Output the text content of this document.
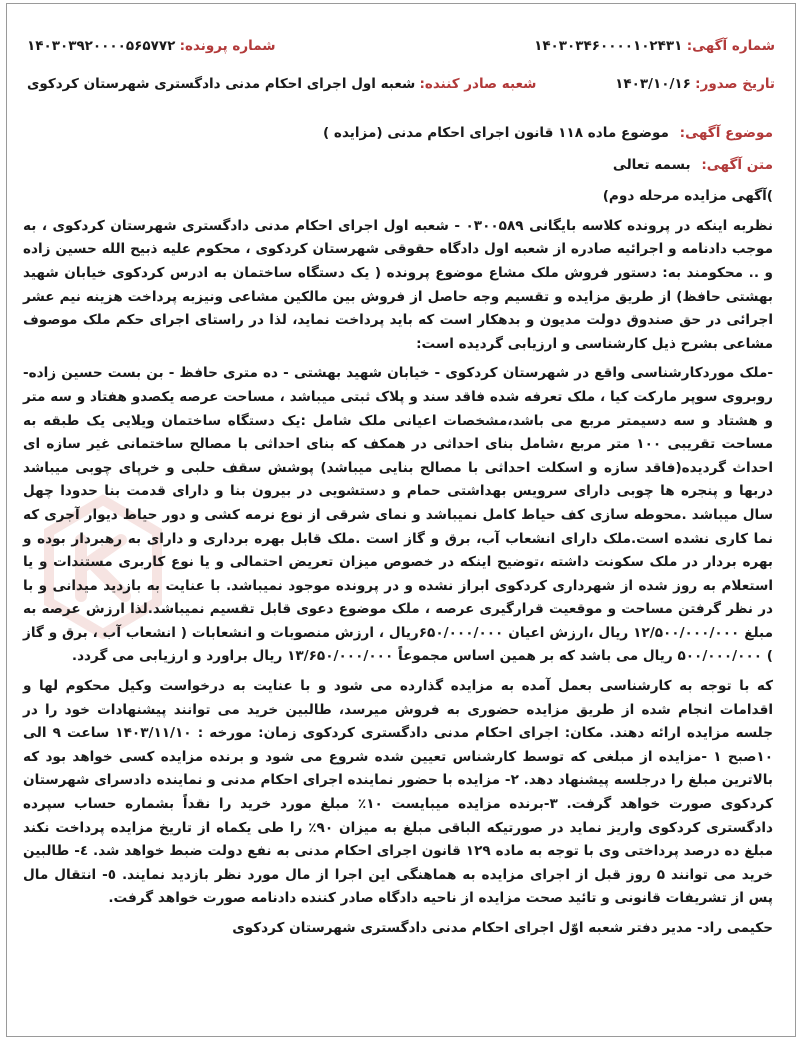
شماره آگهی: ۱۴۰۳۰۳۴۶۰۰۰۰۱۰۲۴۳۱
شماره پرونده: ۱۴۰۳۰۳۹۲۰۰۰۰۵۶۵۷۷۲
تاریخ صدور: ۱۴۰۳/۱۰/۱۶
شعبه صادر کننده: شعبه اول اجرای احکام مدنی دادگستری شهرستان کردکوی

موضوع آگهی: موضوع ماده ۱۱۸ قانون اجرای احکام مدنی (مزایده )

متن آگهی: بسمه تعالی

)آگهی مزایده مرحله دوم)

نظربه اینکه در پرونده کلاسه بایگانی ۰۳۰۰۵۸۹ - شعبه اول اجرای احکام مدنی دادگستری شهرستان کردکوی ، به موجب دادنامه و اجرائیه صادره از شعبه اول دادگاه حقوقی شهرستان کردکوی ، محکوم علیه ذبیح الله حسین زاده و .. محکومند به: دستور فروش ملک مشاع موضوع پرونده ( یک دستگاه ساختمان به ادرس کردکوی خیابان شهید بهشتی حافظ) از طریق مزایده و تقسیم وجه حاصل از فروش بین مالکین مشاعی ونیزبه پرداخت هزینه نیم عشر اجرائی در حق صندوق دولت مدیون و بدهکار است که باید پرداخت نماید، لذا در راستای اجرای حکم ملک موصوف مشاعی بشرح ذیل کارشناسی و ارزیابی گردیده است:

-ملک موردکارشناسی واقع در شهرستان کردکوی - خیابان شهید بهشتی - ده متری حافظ - بن بست حسین زاده- روبروی سوپر مارکت کیا ، ملک تعرفه شده فاقد سند و پلاک ثبتی میباشد ، مساحت عرصه یکصدو هفتاد و سه متر و هشتاد و سه دسیمتر مربع می باشد،مشخصات اعیانی ملک شامل :یک دستگاه ساختمان ویلایی یک طبقه به مساحت تقریبی ۱۰۰ متر مربع ،شامل بنای احداثی در همکف که بنای احداثی با مصالح ساختمانی غیر سازه ای احداث گردیده(فاقد سازه و اسکلت احداثی با مصالح بنایی میباشد) پوشش سقف حلبی و خرپای چوبی میباشد دربها و پنجره ها چوبی دارای سرویس بهداشتی حمام و دستشویی در بیرون بنا و دارای قدمت بنا حدودا چهل سال میباشد .محوطه سازی کف حیاط کامل نمیباشد و نمای شرقی از نوع نرمه کشی و دور حیاط دیوار آجری که نما کاری نشده است.ملک دارای انشعاب آب، برق و گاز است .ملک قابل بهره برداری و دارای به رهبردار بوده و بهره بردار در ملک سکونت داشته ،توضیح اینکه در خصوص میزان تعریض احتمالی و یا نوع کاربری مستندات و یا استعلام به روز شده از شهرداری کردکوی ابراز نشده و در پرونده موجود نمیباشد. با عنایت به بازدید میدانی و با در نظر گرفتن مساحت و موقعیت قرارگیری عرصه ، ملک موضوع دعوی قابل تقسیم نمیباشد.لذا ارزش عرصه به مبلغ ۱۲/۵۰۰/۰۰۰/۰۰۰ ریال ،ارزش اعیان ۶۵۰/۰۰۰/۰۰۰ریال ، ارزش منصوبات و انشعابات ( انشعاب آب ، برق و گاز ) ۵۰۰/۰۰۰/۰۰۰ ریال می باشد که بر همین اساس مجموعاً ۱۳/۶۵۰/۰۰۰/۰۰۰ ریال براورد و ارزیابی می گردد.

که با توجه به کارشناسی بعمل آمده به مزایده گذارده می شود و با عنایت به درخواست وکیل محکوم لها و اقدامات انجام شده از طریق مزایده حضوری به فروش میرسد، طالبین خرید می توانند پیشنهادات خود را در جلسه مزایده ارائه دهند. مکان: اجرای احکام مدنی دادگستری کردکوی زمان: مورخه : ۱۴۰۳/۱۱/۱۰ ساعت ۹ الی ۱۰صبح ۱ -مزایده از مبلغی که توسط کارشناس تعیین شده شروع می شود و برنده مزایده کسی خواهد بود که بالاترین مبلغ را درجلسه پیشنهاد دهد. ۲- مزایده با حضور نماینده اجرای احکام مدنی و نماینده دادسرای شهرستان کردکوی صورت خواهد گرفت. ۳-برنده مزایده میبایست ۱۰٪ مبلغ مورد خرید را نقداً بشماره حساب سپرده دادگستری کردکوی واریز نماید در صورتیکه الباقی مبلغ به میزان ۹۰٪ را طی یکماه از تاریخ مزایده پرداخت نکند مبلغ ده درصد پرداختی وی با توجه به ماده ۱۲۹ قانون اجرای احکام مدنی به نفع دولت ضبط خواهد شد. ٤- طالبین خرید می توانند ۵ روز قبل از اجرای مزایده به هماهنگی این اجرا از مال مورد نظر بازدید نمایند. ٥- انتقال مال پس از تشریفات قانونی و تائید صحت مزایده از ناحیه دادگاه صادر کننده دادنامه صورت خواهد گرفت.

حکیمی راد- مدیر دفتر شعبه اوّل اجرای احکام مدنی دادگستری شهرستان کردکوی
